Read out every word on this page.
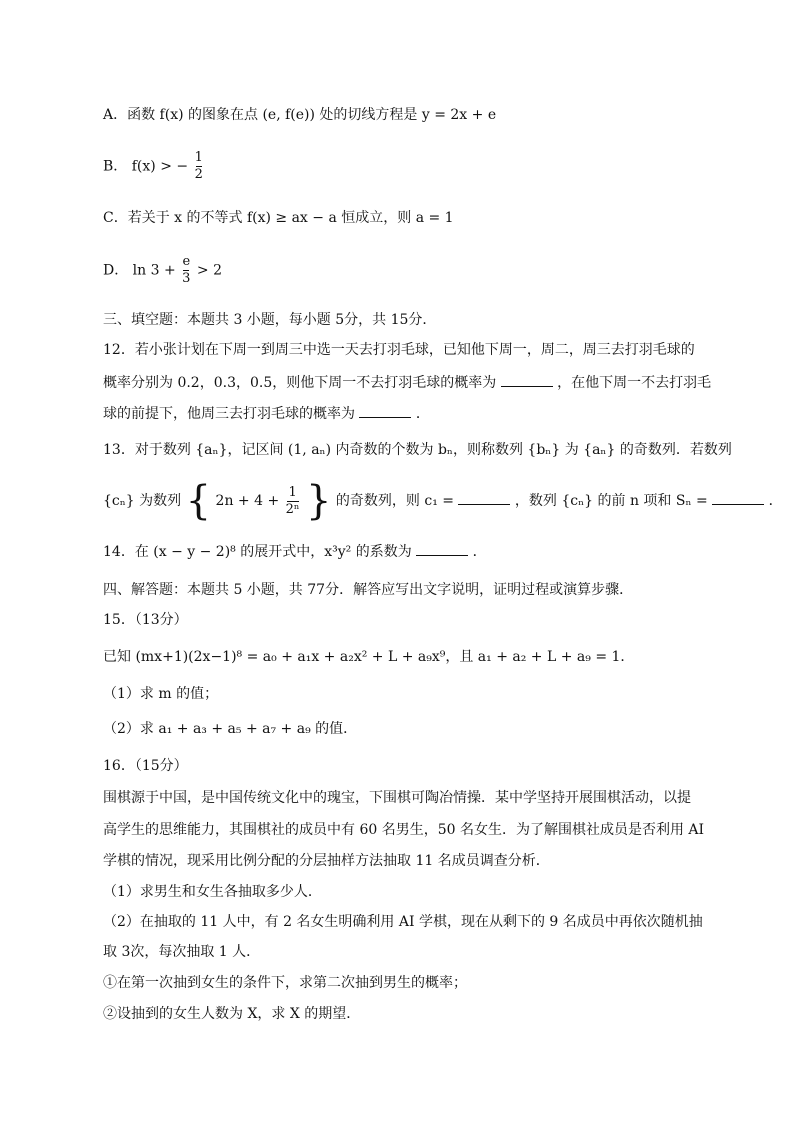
A．函数 f(x) 的图象在点 (e, f(e)) 处的切线方程是 y = 2x + e
B． f(x) > − $\frac{1}{2}$
C．若关于 x 的不等式 f(x) ≥ ax − a 恒成立，则 a = 1
D． $\ln 3 + \frac{e}{3} > 2$
三、填空题：本题共 3 小题，每小题 5分，共 15分．
12．若小张计划在下周一到周三中选一天去打羽毛球，已知他下周一，周二，周三去打羽毛球的
概率分别为 0.2，0.3，0.5，则他下周一不去打羽毛球的概率为	，在他下周一不去打羽毛
球的前提下，他周三去打羽毛球的概率为	．
13．对于数列 {aₙ}，记区间 (1, aₙ) 内奇数的个数为 bₙ，则称数列 {bₙ} 为 {aₙ} 的奇数列．若数列
{cₙ} 为数列 { $2n + 4 + \frac{1}{\text{2ⁿ}}$ } 的奇数列，则 c₁ =	，数列 {cₙ} 的前 n 项和 Sₙ =	．
14．在 (x − y − 2)⁸ 的展开式中，x³y² 的系数为	．
四、解答题：本题共 5 小题，共 77分．解答应写出文字说明，证明过程或演算步骤．
15．（13分）
已知 (mx+1)(2x−1)⁸ = a₀ + a₁x + a₂x² + L + a₉x⁹，且 a₁ + a₂ + L + a₉ = 1．
（1）求 m 的值；
（2）求 a₁ + a₃ + a₅ + a₇ + a₉ 的值．
16．（15分）
围棋源于中国，是中国传统文化中的瑰宝，下围棋可陶冶情操．某中学坚持开展围棋活动，以提
高学生的思维能力，其围棋社的成员中有 60 名男生，50 名女生．为了解围棋社成员是否利用 AI
学棋的情况，现采用比例分配的分层抽样方法抽取 11 名成员调查分析．
（1）求男生和女生各抽取多少人．
（2）在抽取的 11 人中，有 2 名女生明确利用 AI 学棋，现在从剩下的 9 名成员中再依次随机抽
取 3次，每次抽取 1 人．
①在第一次抽到女生的条件下，求第二次抽到男生的概率；
②设抽到的女生人数为 X，求 X 的期望．
